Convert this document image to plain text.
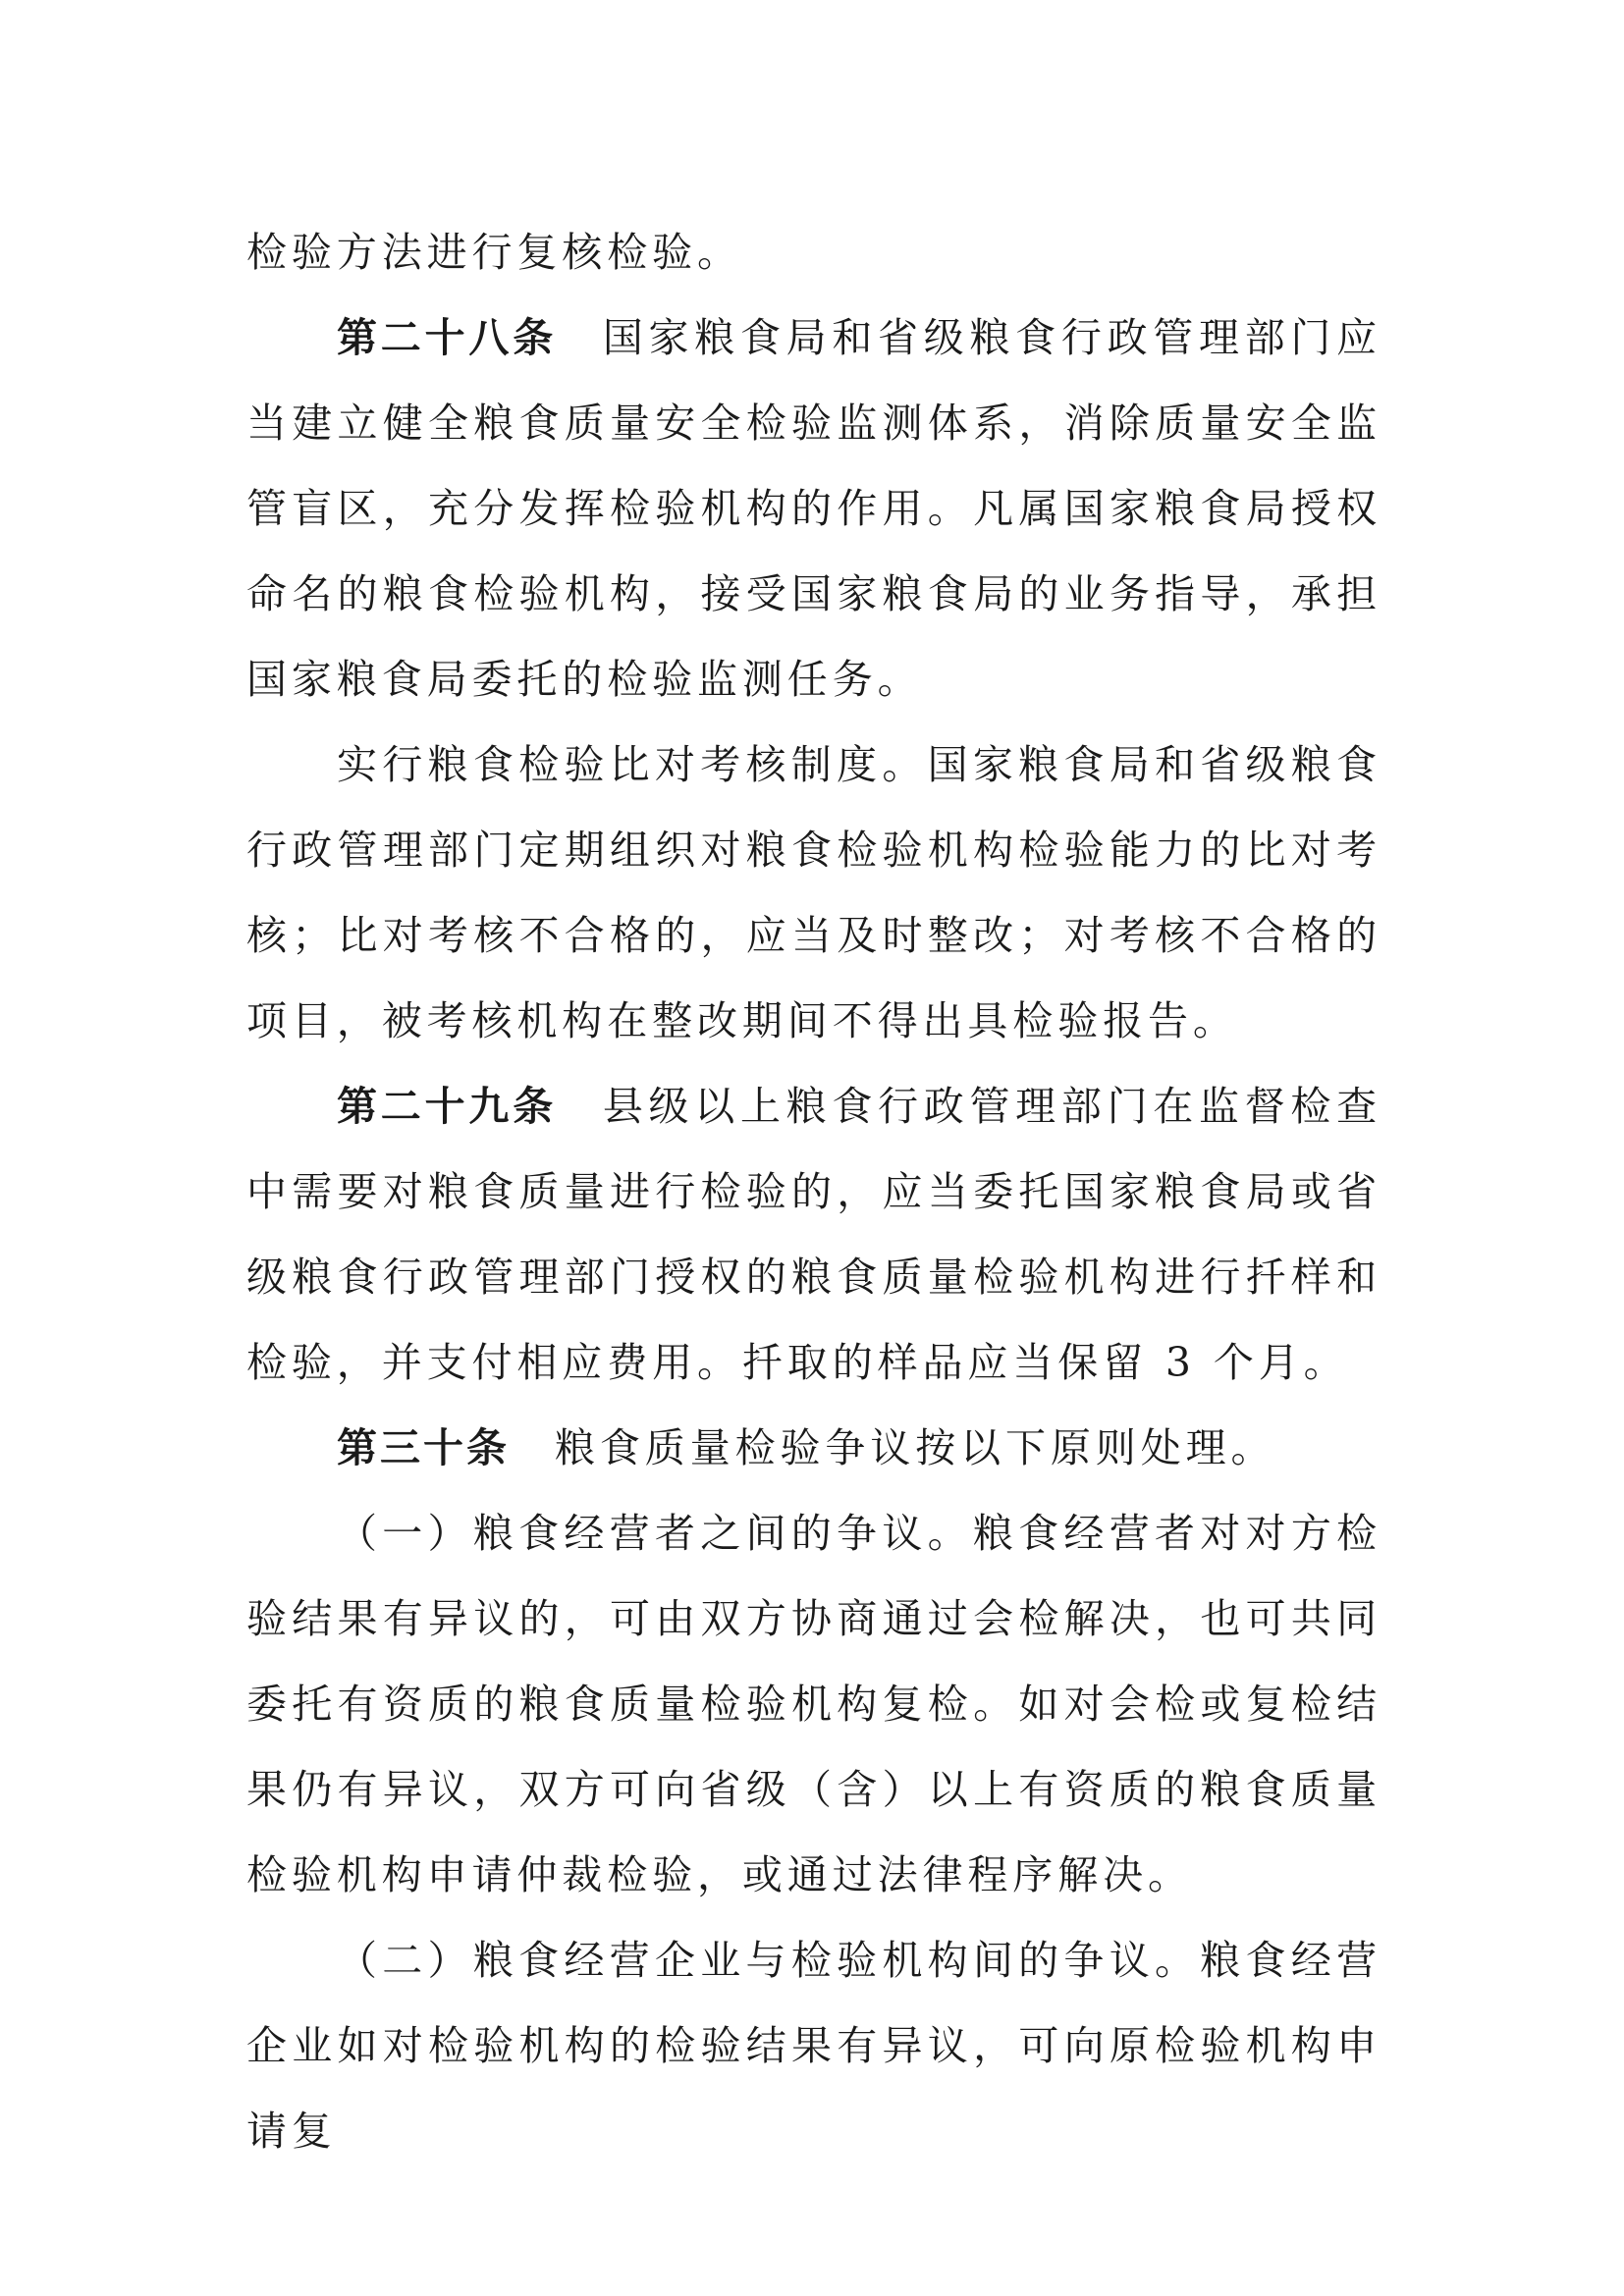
检验方法进行复核检验。

第二十八条 国家粮食局和省级粮食行政管理部门应当建立健全粮食质量安全检验监测体系，消除质量安全监管盲区，充分发挥检验机构的作用。凡属国家粮食局授权命名的粮食检验机构，接受国家粮食局的业务指导，承担国家粮食局委托的检验监测任务。

实行粮食检验比对考核制度。国家粮食局和省级粮食行政管理部门定期组织对粮食检验机构检验能力的比对考核；比对考核不合格的，应当及时整改；对考核不合格的项目，被考核机构在整改期间不得出具检验报告。

第二十九条 县级以上粮食行政管理部门在监督检查中需要对粮食质量进行检验的，应当委托国家粮食局或省级粮食行政管理部门授权的粮食质量检验机构进行扦样和检验，并支付相应费用。扦取的样品应当保留 3 个月。

第三十条 粮食质量检验争议按以下原则处理。

（一）粮食经营者之间的争议。粮食经营者对对方检验结果有异议的，可由双方协商通过会检解决，也可共同委托有资质的粮食质量检验机构复检。如对会检或复检结果仍有异议，双方可向省级（含）以上有资质的粮食质量检验机构申请仲裁检验，或通过法律程序解决。

（二）粮食经营企业与检验机构间的争议。粮食经营企业如对检验机构的检验结果有异议，可向原检验机构申请复
